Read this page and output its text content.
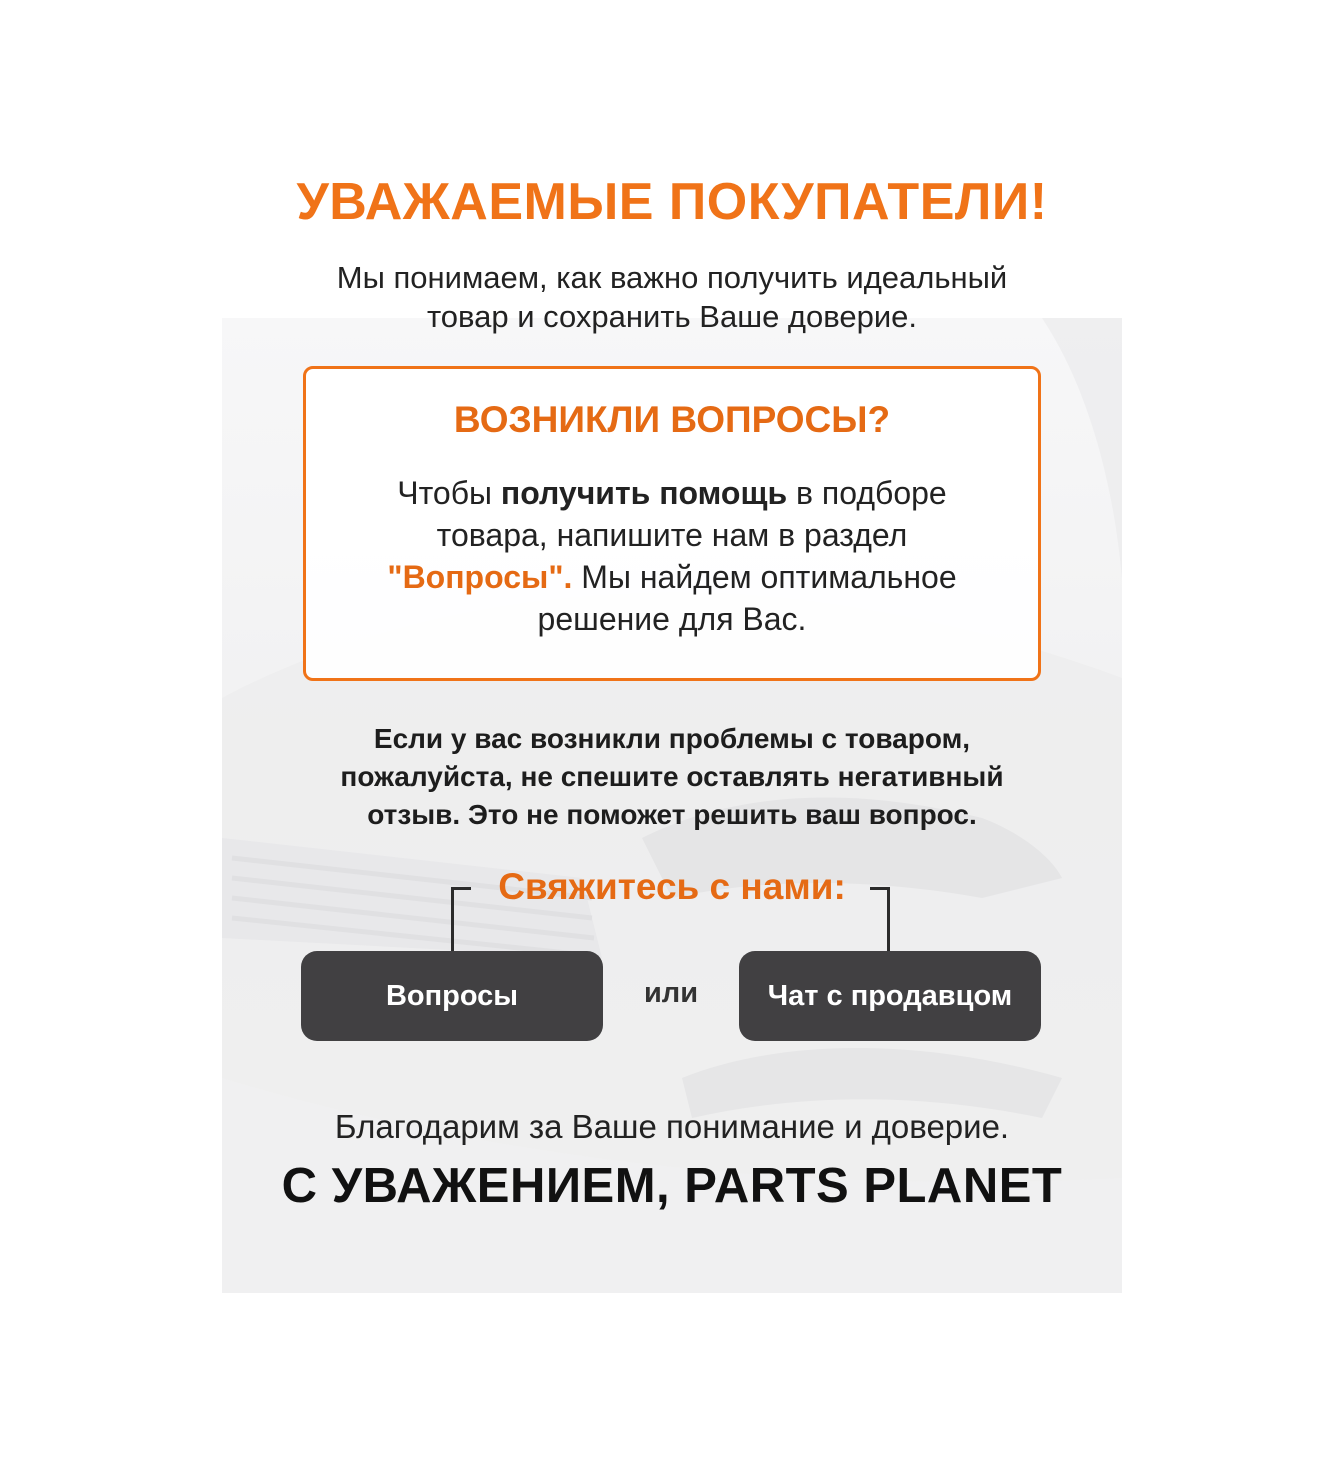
УВАЖАЕМЫЕ ПОКУПАТЕЛИ!
Мы понимаем, как важно получить идеальный
товар и сохранить Ваше доверие.
ВОЗНИКЛИ ВОПРОСЫ?
Чтобы получить помощь в подборе товара, напишите нам в раздел "Вопросы". Мы найдем оптимальное решение для Вас.
Если у вас возникли проблемы с товаром,
пожалуйста, не спешите оставлять негативный
отзыв. Это не поможет решить ваш вопрос.
Свяжитесь с нами:
Вопросы	или	Чат с продавцом
Благодарим за Ваше понимание и доверие.
С УВАЖЕНИЕМ, PARTS PLANET
